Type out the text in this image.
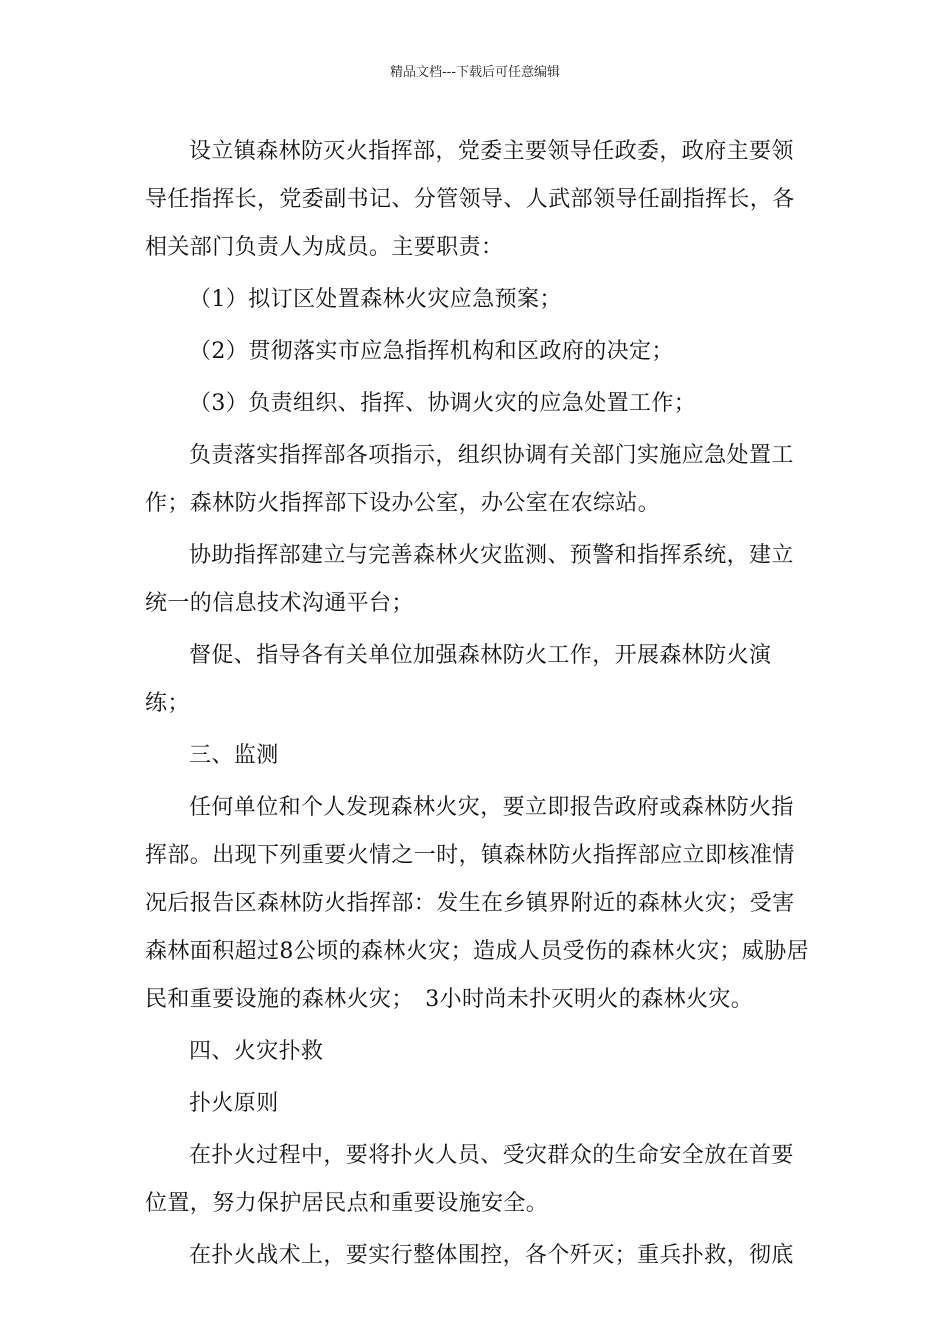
精品文档---下载后可任意编辑

设立镇森林防灭火指挥部，党委主要领导任政委，政府主要领导任指挥长，党委副书记、分管领导、人武部领导任副指挥长，各相关部门负责人为成员。主要职责：

（1）拟订区处置森林火灾应急预案；

（2）贯彻落实市应急指挥机构和区政府的决定；

（3）负责组织、指挥、协调火灾的应急处置工作；

负责落实指挥部各项指示，组织协调有关部门实施应急处置工作；森林防火指挥部下设办公室，办公室在农综站。

协助指挥部建立与完善森林火灾监测、预警和指挥系统，建立统一的信息技术沟通平台；

督促、指导各有关单位加强森林防火工作，开展森林防火演练；

三、监测

任何单位和个人发现森林火灾，要立即报告政府或森林防火指挥部。出现下列重要火情之一时，镇森林防火指挥部应立即核准情况后报告区森林防火指挥部：发生在乡镇界附近的森林火灾；受害森林面积超过8公顷的森林火灾；造成人员受伤的森林火灾；威胁居民和重要设施的森林火灾；　3小时尚未扑灭明火的森林火灾。

四、火灾扑救

扑火原则

在扑火过程中，要将扑火人员、受灾群众的生命安全放在首要位置，努力保护居民点和重要设施安全。

在扑火战术上，要实行整体围控，各个歼灭；重兵扑救，彻底
